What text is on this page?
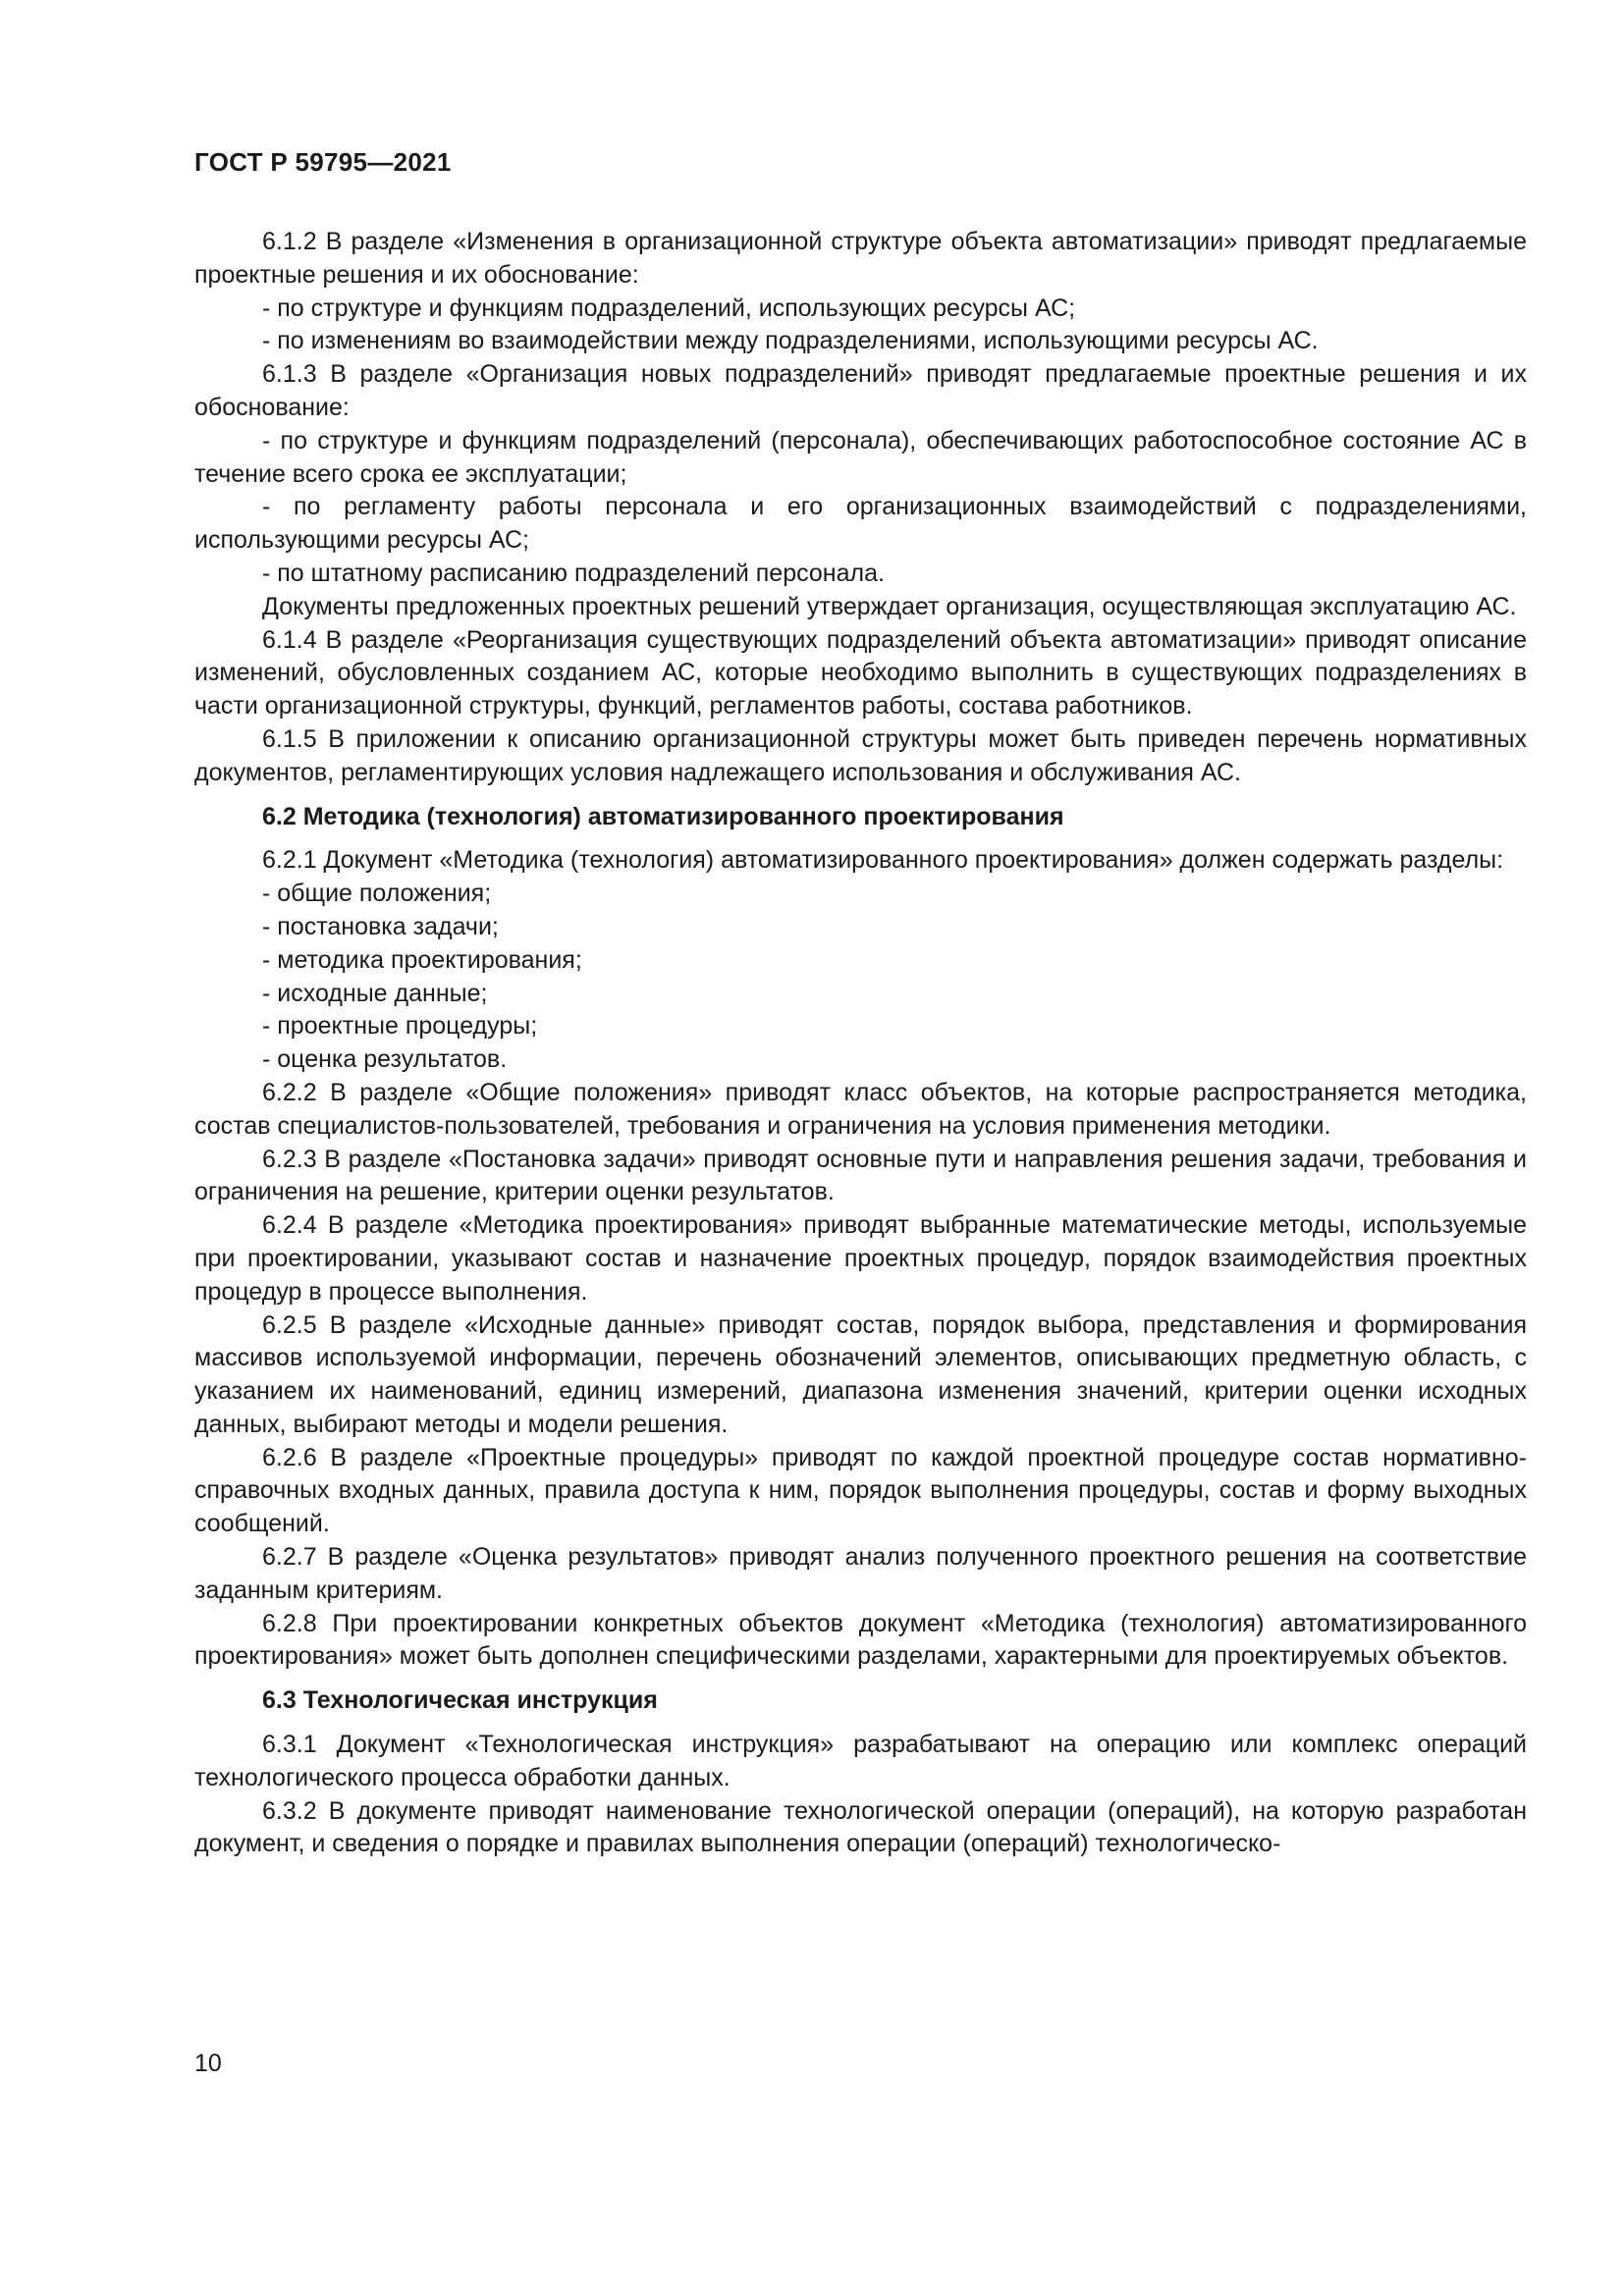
ГОСТ Р 59795—2021

6.1.2 В разделе «Изменения в организационной структуре объекта автоматизации» приводят предлагаемые проектные решения и их обоснование:

- по структуре и функциям подразделений, использующих ресурсы АС;

- по изменениям во взаимодействии между подразделениями, использующими ресурсы АС.

6.1.3 В разделе «Организация новых подразделений» приводят предлагаемые проектные решения и их обоснование:

- по структуре и функциям подразделений (персонала), обеспечивающих работоспособное состояние АС в течение всего срока ее эксплуатации;

- по регламенту работы персонала и его организационных взаимодействий с подразделениями, использующими ресурсы АС;

- по штатному расписанию подразделений персонала.

Документы предложенных проектных решений утверждает организация, осуществляющая эксплуатацию АС.

6.1.4 В разделе «Реорганизация существующих подразделений объекта автоматизации» приводят описание изменений, обусловленных созданием АС, которые необходимо выполнить в существующих подразделениях в части организационной структуры, функций, регламентов работы, состава работников.

6.1.5 В приложении к описанию организационной структуры может быть приведен перечень нормативных документов, регламентирующих условия надлежащего использования и обслуживания АС.

6.2 Методика (технология) автоматизированного проектирования

6.2.1 Документ «Методика (технология) автоматизированного проектирования» должен содержать разделы:

- общие положения;

- постановка задачи;

- методика проектирования;

- исходные данные;

- проектные процедуры;

- оценка результатов.

6.2.2 В разделе «Общие положения» приводят класс объектов, на которые распространяется методика, состав специалистов-пользователей, требования и ограничения на условия применения методики.

6.2.3 В разделе «Постановка задачи» приводят основные пути и направления решения задачи, требования и ограничения на решение, критерии оценки результатов.

6.2.4 В разделе «Методика проектирования» приводят выбранные математические методы, используемые при проектировании, указывают состав и назначение проектных процедур, порядок взаимодействия проектных процедур в процессе выполнения.

6.2.5 В разделе «Исходные данные» приводят состав, порядок выбора, представления и формирования массивов используемой информации, перечень обозначений элементов, описывающих предметную область, с указанием их наименований, единиц измерений, диапазона изменения значений, критерии оценки исходных данных, выбирают методы и модели решения.

6.2.6 В разделе «Проектные процедуры» приводят по каждой проектной процедуре состав нормативно-справочных входных данных, правила доступа к ним, порядок выполнения процедуры, состав и форму выходных сообщений.

6.2.7 В разделе «Оценка результатов» приводят анализ полученного проектного решения на соответствие заданным критериям.

6.2.8 При проектировании конкретных объектов документ «Методика (технология) автоматизированного проектирования» может быть дополнен специфическими разделами, характерными для проектируемых объектов.

6.3 Технологическая инструкция

6.3.1 Документ «Технологическая инструкция» разрабатывают на операцию или комплекс операций технологического процесса обработки данных.

6.3.2 В документе приводят наименование технологической операции (операций), на которую разработан документ, и сведения о порядке и правилах выполнения операции (операций) технологическо-

10
